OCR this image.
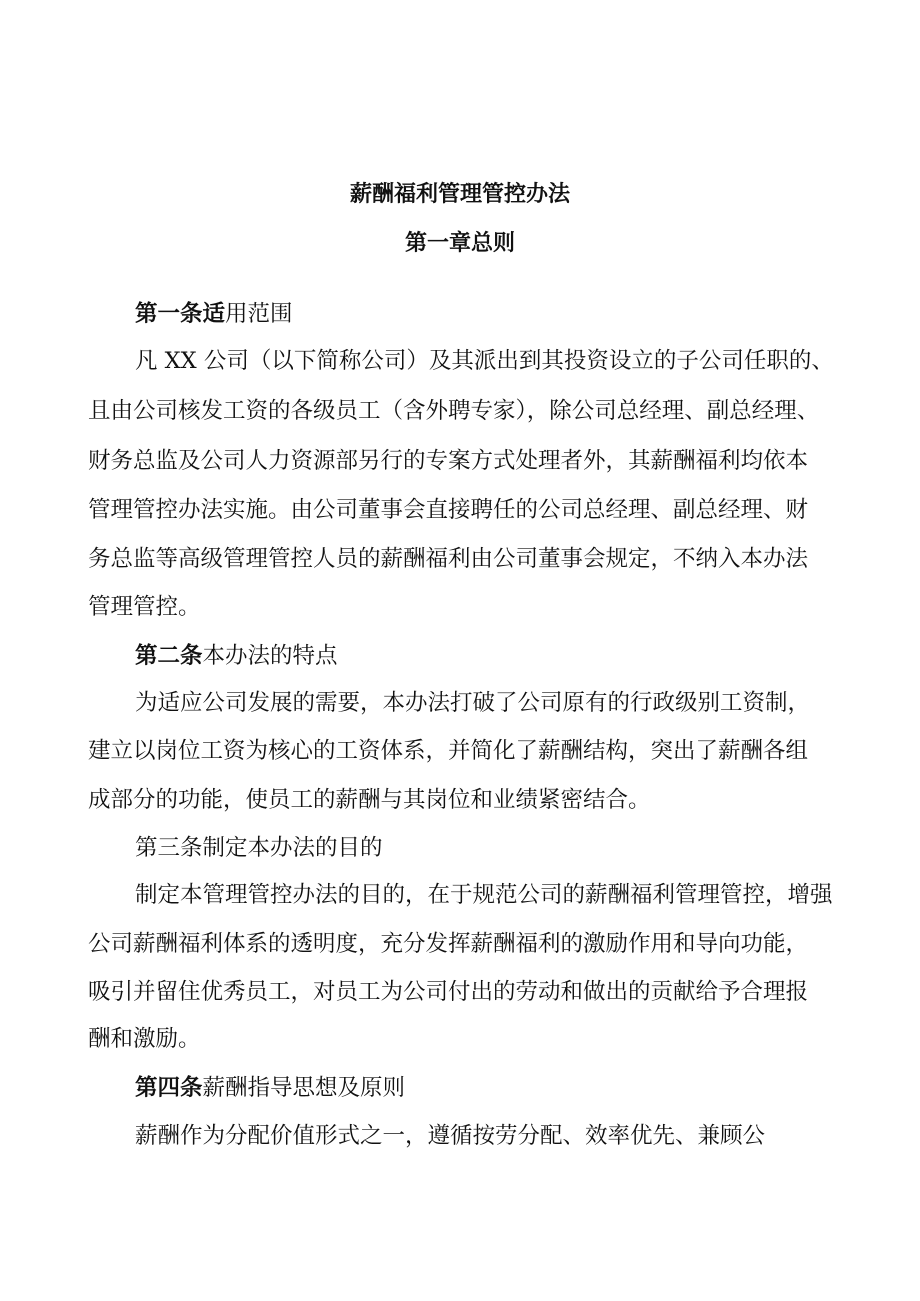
薪酬福利管理管控办法
第一章总则
第一条适用范围
凡 XX 公司（以下简称公司）及其派出到其投资设立的子公司任职的、
且由公司核发工资的各级员工（含外聘专家），除公司总经理、副总经理、
财务总监及公司人力资源部另行的专案方式处理者外，其薪酬福利均依本
管理管控办法实施。由公司董事会直接聘任的公司总经理、副总经理、财
务总监等高级管理管控人员的薪酬福利由公司董事会规定，不纳入本办法
管理管控。
第二条本办法的特点
为适应公司发展的需要，本办法打破了公司原有的行政级别工资制，
建立以岗位工资为核心的工资体系，并简化了薪酬结构，突出了薪酬各组
成部分的功能，使员工的薪酬与其岗位和业绩紧密结合。
第三条制定本办法的目的
制定本管理管控办法的目的，在于规范公司的薪酬福利管理管控，增强
公司薪酬福利体系的透明度，充分发挥薪酬福利的激励作用和导向功能，
吸引并留住优秀员工，对员工为公司付出的劳动和做出的贡献给予合理报
酬和激励。
第四条薪酬指导思想及原则
薪酬作为分配价值形式之一，遵循按劳分配、效率优先、兼顾公
